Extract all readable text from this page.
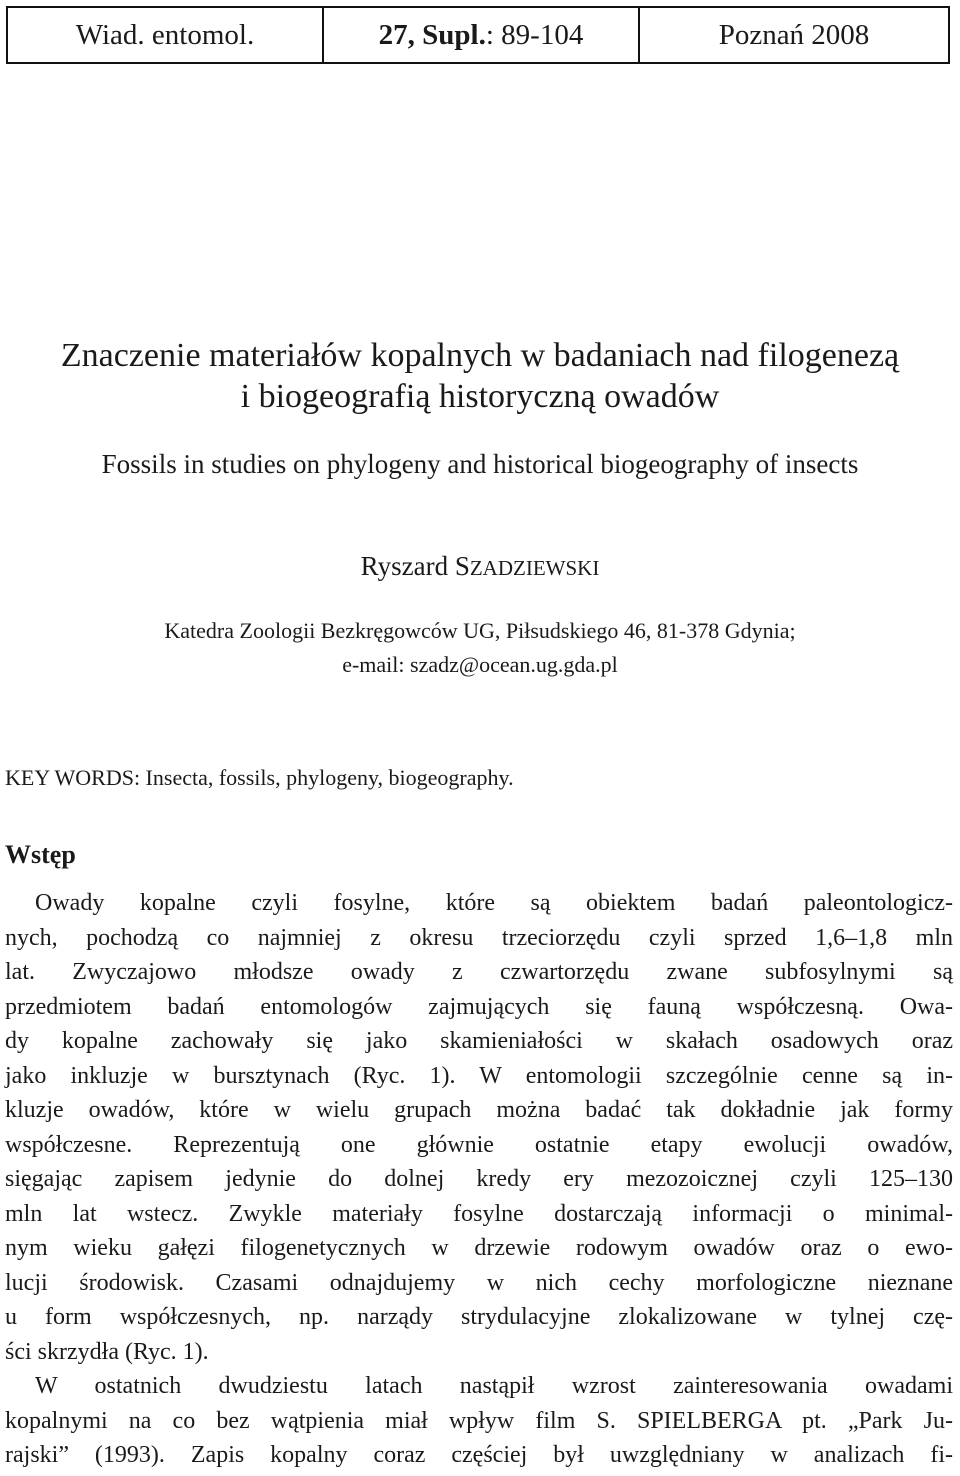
Wiad. entomol.	27, Supl. : 89-104	Poznań 2008
Znaczenie materiałów kopalnych w badaniach nad filogenezą
i biogeografią historyczną owadów
Fossils in studies on phylogeny and historical biogeography of insects
Ryszard SZADZIEWSKI
Katedra Zoologii Bezkręgowców UG, Piłsudskiego 46, 81-378 Gdynia;
e-mail: szadz@ocean.ug.gda.pl
KEY WORDS: Insecta, fossils, phylogeny, biogeography.
Wstęp
Owady kopalne czyli fosylne, które są obiektem badań paleontologicz-
nych, pochodzą co najmniej z okresu trzeciorzędu czyli sprzed 1,6–1,8 mln
lat. Zwyczajowo młodsze owady z czwartorzędu zwane subfosylnymi są
przedmiotem badań entomologów zajmujących się fauną współczesną. Owa-
dy kopalne zachowały się jako skamieniałości w skałach osadowych oraz
jako inkluzje w bursztynach (Ryc. 1). W entomologii szczególnie cenne są in-
kluzje owadów, które w wielu grupach można badać tak dokładnie jak formy
współczesne. Reprezentują one głównie ostatnie etapy ewolucji owadów,
sięgając zapisem jedynie do dolnej kredy ery mezozoicznej czyli 125–130
mln lat wstecz. Zwykle materiały fosylne dostarczają informacji o minimal-
nym wieku gałęzi filogenetycznych w drzewie rodowym owadów oraz o ewo-
lucji środowisk. Czasami odnajdujemy w nich cechy morfologiczne nieznane
u form współczesnych, np. narządy strydulacyjne zlokalizowane w tylnej czę-
ści skrzydła (Ryc. 1).
W ostatnich dwudziestu latach nastąpił wzrost zainteresowania owadami
kopalnymi na co bez wątpienia miał wpływ film S. SPIELBERGA pt. „Park Ju-
rajski” (1993). Zapis kopalny coraz częściej był uwzględniany w analizach fi-
